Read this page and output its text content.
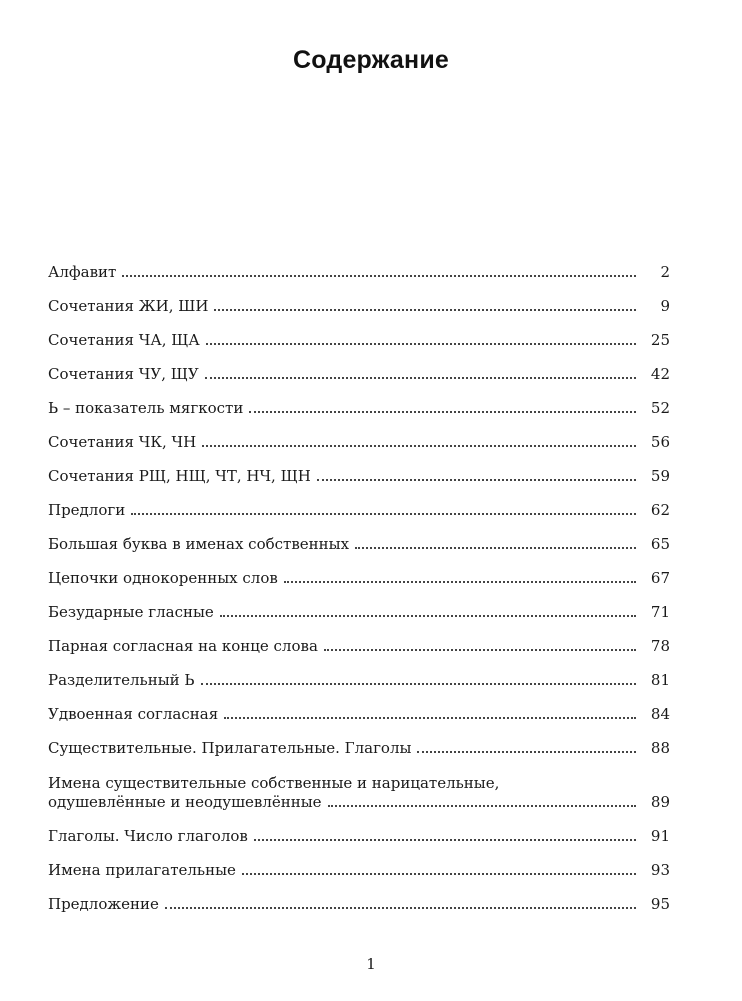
Содержание
Алфавит	2
Сочетания ЖИ, ШИ	9
Сочетания ЧА, ЩА	25
Сочетания ЧУ, ЩУ	42
Ь – показатель мягкости	52
Сочетания ЧК, ЧН	56
Сочетания РЩ, НЩ, ЧТ, НЧ, ЩН	59
Предлоги	62
Большая буква в именах собственных	65
Цепочки однокоренных слов	67
Безударные гласные	71
Парная согласная на конце слова	78
Разделительный Ь	81
Удвоенная согласная	84
Существительные. Прилагательные. Глаголы	88
Имена существительные собственные и нарицательные,
одушевлённые и неодушевлённые	89
Глаголы. Число глаголов	91
Имена прилагательные	93
Предложение	95
1
